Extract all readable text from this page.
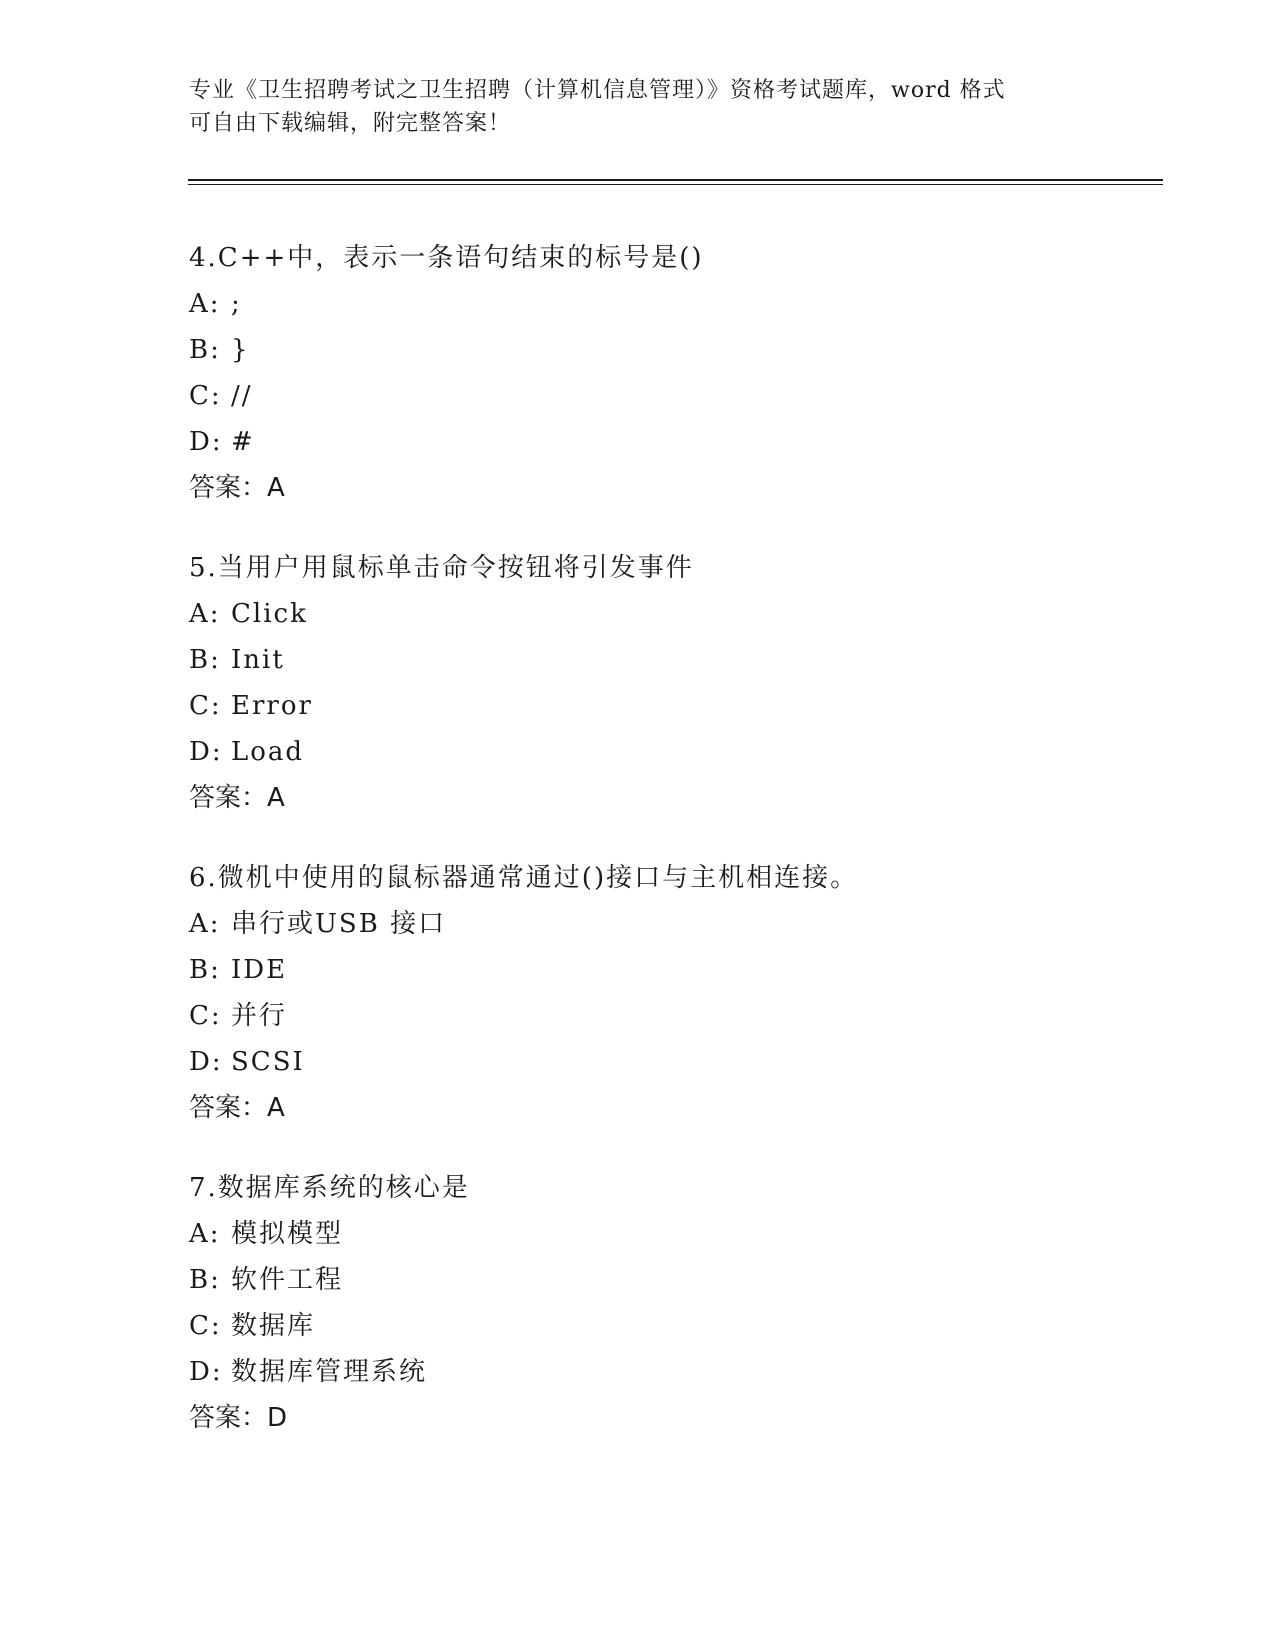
专业《卫生招聘考试之卫生招聘（计算机信息管理）》资格考试题库，word 格式
可自由下载编辑，附完整答案！
4.C++中，表示一条语句结束的标号是()
A: ;
B: }
C: //
D: #
答案：A
5.当用户用鼠标单击命令按钮将引发事件
A: Click
B: Init
C: Error
D: Load
答案：A
6.微机中使用的鼠标器通常通过()接口与主机相连接。
A: 串行或USB 接口
B: IDE
C: 并行
D: SCSI
答案：A
7.数据库系统的核心是
A: 模拟模型
B: 软件工程
C: 数据库
D: 数据库管理系统
答案：D
